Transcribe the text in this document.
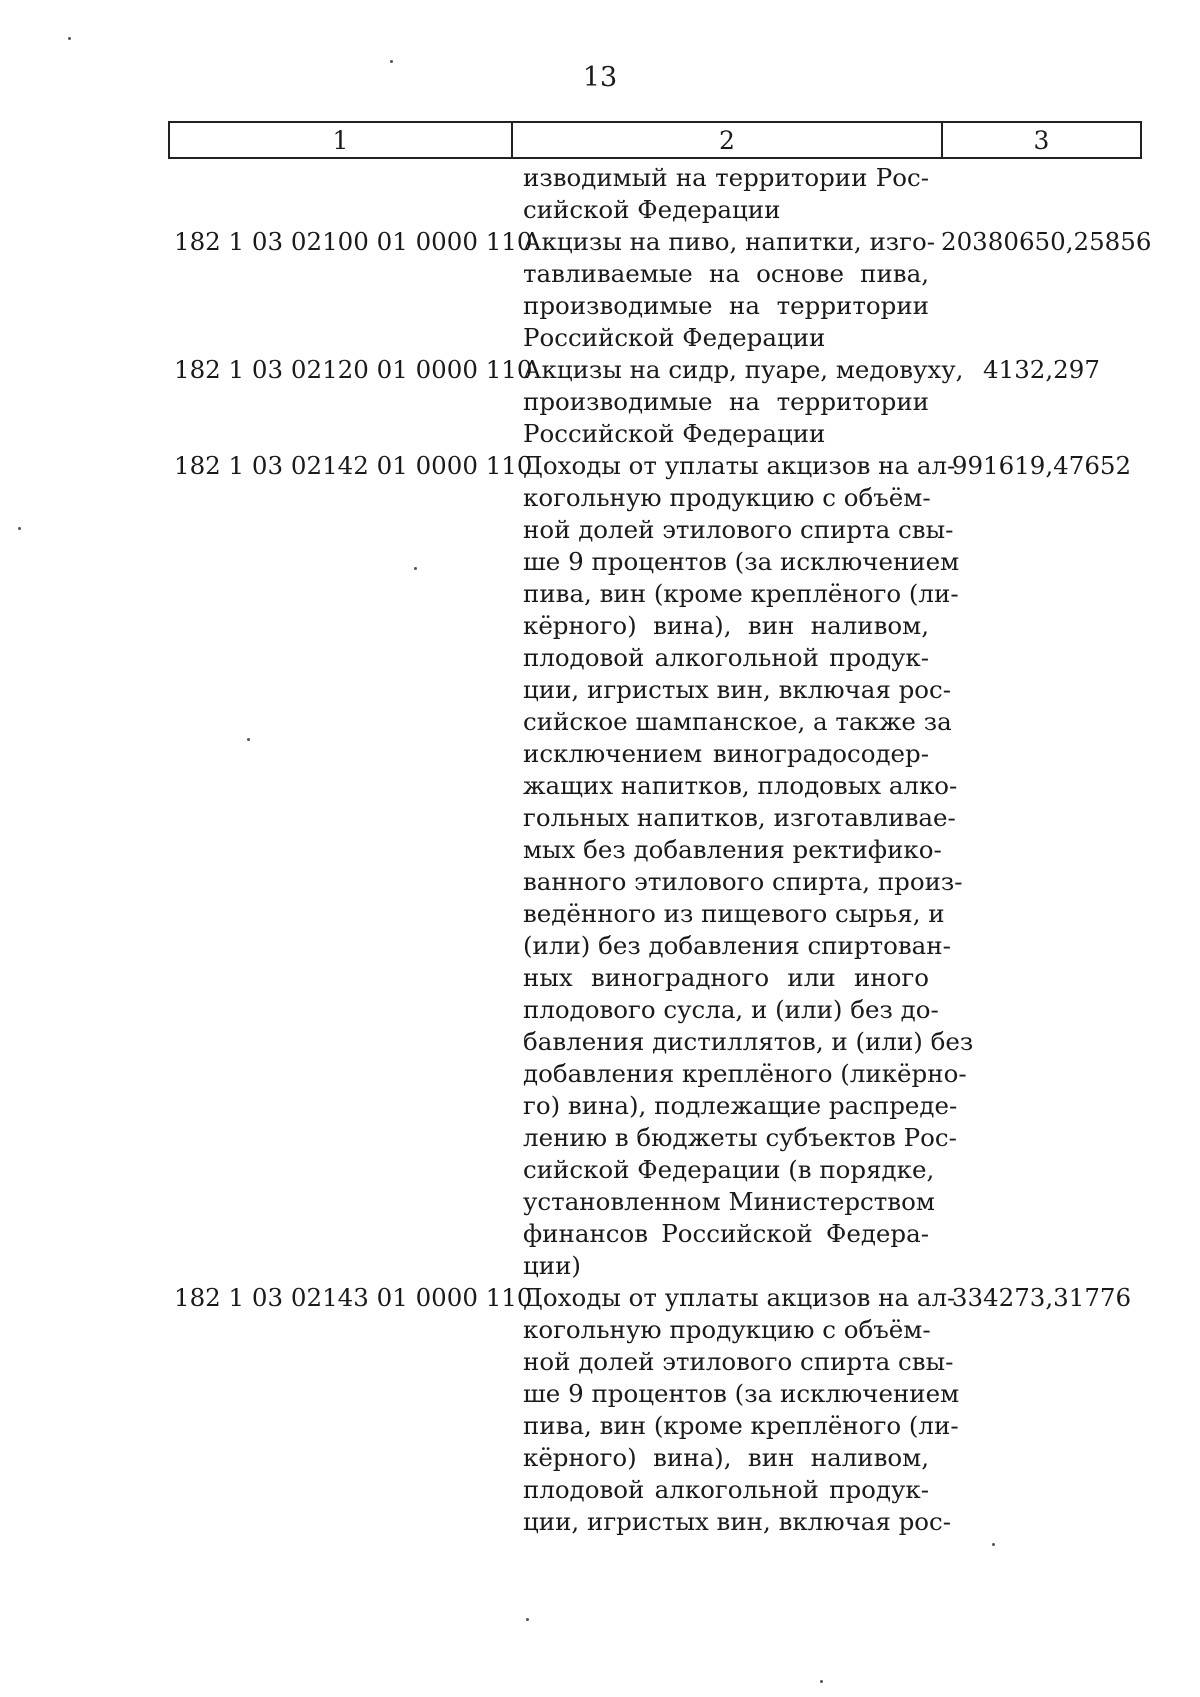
13
1	2	3
изводимый на территории Рос-
сийской Федерации
182 1 03 02100 01 0000 110
Акцизы на пиво, напитки, изго-
тавливаемые на основе пива,
производимые на территории
Российской Федерации
20380650,25856
182 1 03 02120 01 0000 110
Акцизы на сидр, пуаре, медовуху,
производимые на территории
Российской Федерации
4132,297
182 1 03 02142 01 0000 110
Доходы от уплаты акцизов на ал-
когольную продукцию с объём-
ной долей этилового спирта свы-
ше 9 процентов (за исключением
пива, вин (кроме креплёного (ли-
кёрного) вина), вин наливом,
плодовой алкогольной продук-
ции, игристых вин, включая рос-
сийское шампанское, а также за
исключением виноградосодер-
жащих напитков, плодовых алко-
гольных напитков, изготавливае-
мых без добавления ректифико-
ванного этилового спирта, произ-
ведённого из пищевого сырья, и
(или) без добавления спиртован-
ных виноградного или иного
плодового сусла, и (или) без до-
бавления дистиллятов, и (или) без
добавления креплёного (ликёрно-
го) вина), подлежащие распреде-
лению в бюджеты субъектов Рос-
сийской Федерации (в порядке,
установленном Министерством
финансов Российской Федера-
ции)
991619,47652
182 1 03 02143 01 0000 110
Доходы от уплаты акцизов на ал-
когольную продукцию с объём-
ной долей этилового спирта свы-
ше 9 процентов (за исключением
пива, вин (кроме креплёного (ли-
кёрного) вина), вин наливом,
плодовой алкогольной продук-
ции, игристых вин, включая рос-
334273,31776
